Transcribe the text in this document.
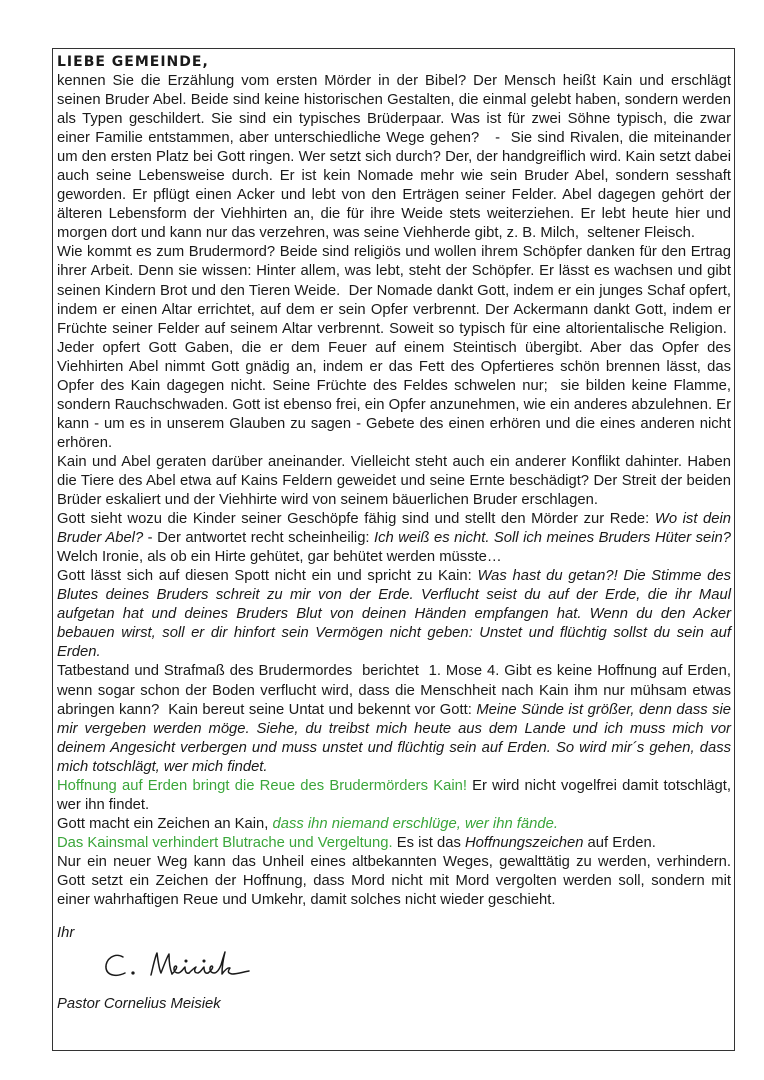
LIEBE GEMEINDE,

kennen Sie die Erzählung vom ersten Mörder in der Bibel? Der Mensch heißt Kain und erschlägt seinen Bruder Abel. Beide sind keine historischen Gestalten, die einmal gelebt haben, sondern werden als Typen geschildert. Sie sind ein typisches Brüderpaar. Was ist für zwei Söhne typisch, die zwar einer Familie entstammen, aber unterschiedliche Wege gehen?   -  Sie sind Rivalen, die miteinander um den ersten Platz bei Gott ringen. Wer setzt sich durch? Der, der handgreiflich wird. Kain setzt dabei auch seine Lebensweise durch. Er ist kein Nomade mehr wie sein Bruder Abel, sondern sesshaft geworden. Er pflügt einen Acker und lebt von den Erträgen seiner Felder. Abel dagegen gehört der älteren Lebensform der Viehhirten an, die für ihre Weide stets weiterziehen. Er lebt heute hier und morgen dort und kann nur das verzehren, was seine Viehherde gibt, z. B. Milch,  seltener Fleisch.

Wie kommt es zum Brudermord? Beide sind religiös und wollen ihrem Schöpfer danken für den Ertrag ihrer Arbeit. Denn sie wissen: Hinter allem, was lebt, steht der Schöpfer. Er lässt es wachsen und gibt seinen Kindern Brot und den Tieren Weide.  Der Nomade dankt Gott, indem er ein junges Schaf opfert, indem er einen Altar errichtet, auf dem er sein Opfer verbrennt. Der Ackermann dankt Gott, indem er Früchte seiner Felder auf seinem Altar verbrennt. Soweit so typisch für eine altorientalische Religion.  Jeder opfert Gott Gaben, die er dem Feuer auf einem Steintisch übergibt. Aber das Opfer des Viehhirten Abel nimmt Gott gnädig an, indem er das Fett des Opfertieres schön brennen lässt, das Opfer des Kain dagegen nicht. Seine Früchte des Feldes schwelen nur;  sie bilden keine Flamme, sondern Rauchschwaden. Gott ist ebenso frei, ein Opfer anzunehmen, wie ein anderes abzulehnen. Er kann - um es in unserem Glauben zu sagen - Gebete des einen erhören und die eines anderen nicht erhören.

Kain und Abel geraten darüber aneinander. Vielleicht steht auch ein anderer Konflikt dahinter. Haben die Tiere des Abel etwa auf Kains Feldern geweidet und seine Ernte beschädigt? Der Streit der beiden Brüder eskaliert und der Viehhirte wird von seinem bäuerlichen Bruder erschlagen.

Gott sieht wozu die Kinder seiner Geschöpfe fähig sind und stellt den Mörder zur Rede: Wo ist dein Bruder Abel? - Der antwortet recht scheinheilig: Ich weiß es nicht. Soll ich meines Bruders Hüter sein? Welch Ironie, als ob ein Hirte gehütet, gar behütet werden müsste…

Gott lässt sich auf diesen Spott nicht ein und spricht zu Kain: Was hast du getan?! Die Stimme des Blutes deines Bruders schreit zu mir von der Erde. Verflucht seist du auf der Erde, die ihr Maul aufgetan hat und deines Bruders Blut von deinen Händen empfangen hat. Wenn du den Acker bebauen wirst, soll er dir hinfort sein Vermögen nicht geben: Unstet und flüchtig sollst du sein auf Erden.

Tatbestand und Strafmaß des Brudermordes  berichtet  1. Mose 4. Gibt es keine Hoffnung auf Erden, wenn sogar schon der Boden verflucht wird, dass die Menschheit nach Kain ihm nur mühsam etwas abringen kann?  Kain bereut seine Untat und bekennt vor Gott: Meine Sünde ist größer, denn dass sie mir vergeben werden möge. Siehe, du treibst mich heute aus dem Lande und ich muss mich vor deinem Angesicht verbergen und muss unstet und flüchtig sein auf Erden. So wird mir´s gehen, dass mich totschlägt, wer mich findet.

Hoffnung auf Erden bringt die Reue des Brudermörders Kain! Er wird nicht vogelfrei damit totschlägt, wer ihn findet.

Gott macht ein Zeichen an Kain, dass ihn niemand erschlüge, wer ihn fände.

Das Kainsmal verhindert Blutrache und Vergeltung. Es ist das Hoffnungszeichen auf Erden.

Nur ein neuer Weg kann das Unheil eines altbekannten Weges, gewalttätig zu werden, verhindern. Gott setzt ein Zeichen der Hoffnung, dass Mord nicht mit Mord vergolten werden soll, sondern mit einer wahrhaftigen Reue und Umkehr, damit solches nicht wieder geschieht.

Ihr

Pastor Cornelius Meisiek
